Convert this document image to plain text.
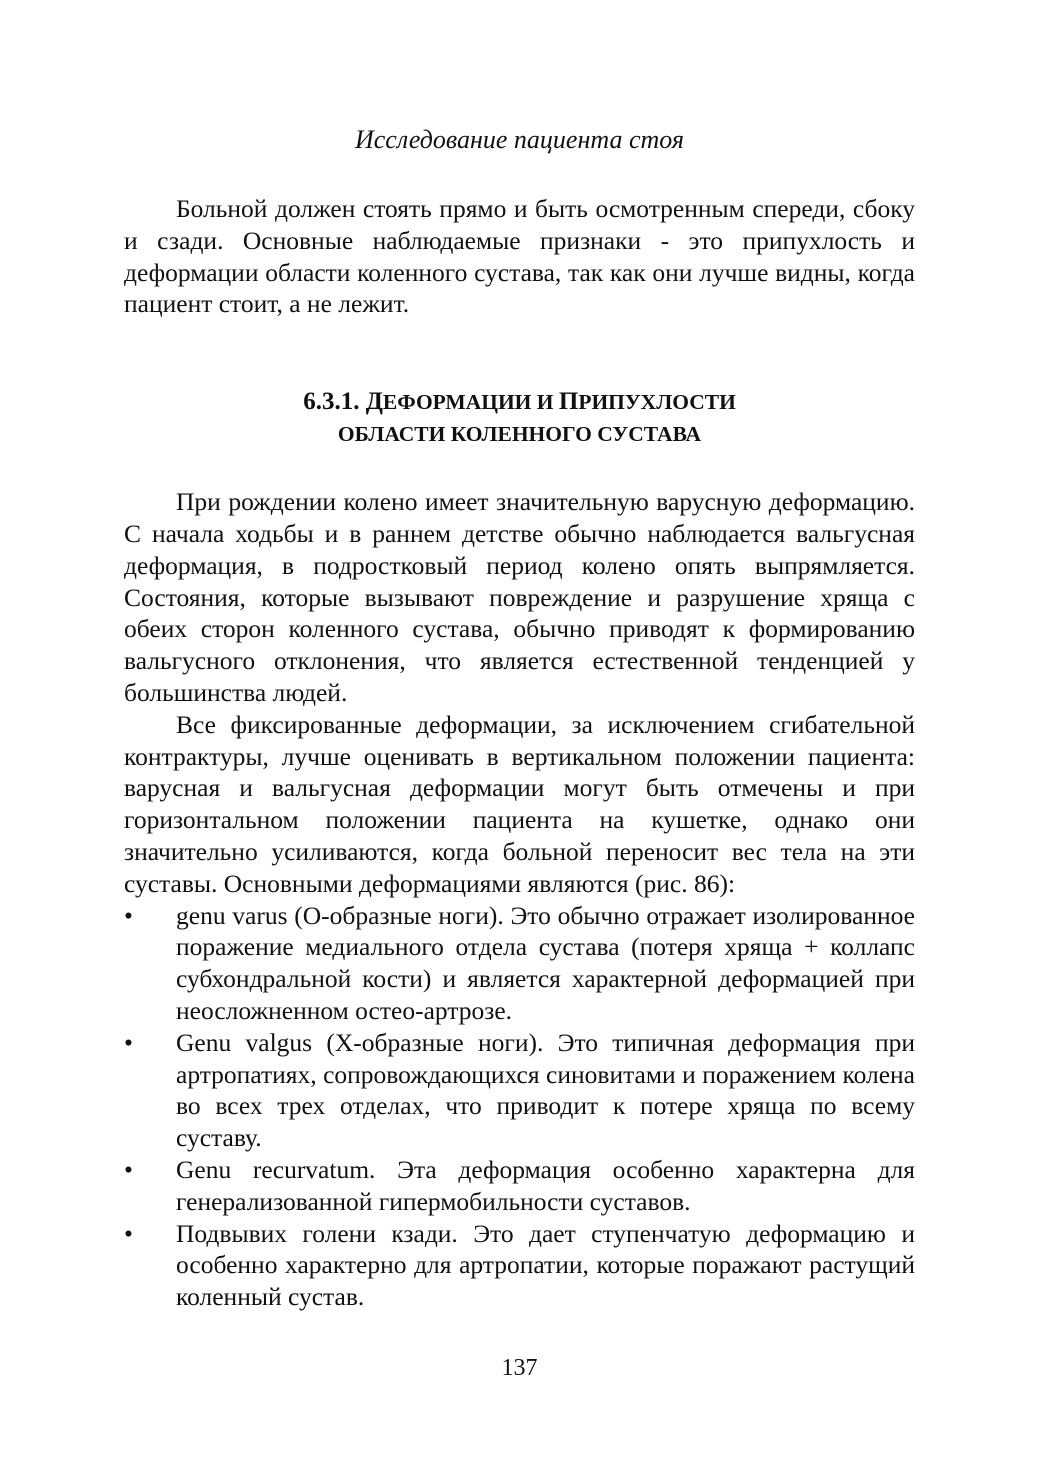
Исследование пациента стоя

Больной должен стоять прямо и быть осмотренным спереди, сбоку и сзади. Основные наблюдаемые признаки - это припухлость и деформации области коленного сустава, так как они лучше видны, когда пациент стоит, а не лежит.

6.3.1. ДЕФОРМАЦИИ И ПРИПУХЛОСТИ
ОБЛАСТИ КОЛЕННОГО СУСТАВА

При рождении колено имеет значительную варусную деформацию. С начала ходьбы и в раннем детстве обычно наблюдается вальгусная деформация, в подростковый период колено опять выпрямляется. Состояния, которые вызывают повреждение и разрушение хряща с обеих сторон коленного сустава, обычно приводят к формированию вальгусного отклонения, что является естественной тенденцией у большинства людей.

Все фиксированные деформации, за исключением сгибательной контрактуры, лучше оценивать в вертикальном положении пациента: варусная и вальгусная деформации могут быть отмечены и при горизонтальном положении пациента на кушетке, однако они значительно усиливаются, когда больной переносит вес тела на эти суставы. Основными деформациями являются (рис. 86):

• genu varus (О-образные ноги). Это обычно отражает изолированное поражение медиального отдела сустава (потеря хряща + коллапс субхондральной кости) и является характерной деформацией при неосложненном остео-артрозе.
• Genu valgus (Х-образные ноги). Это типичная деформация при артропатиях, сопровождающихся синовитами и поражением колена во всех трех отделах, что приводит к потере хряща по всему суставу.
• Genu recurvatum. Эта деформация особенно характерна для генерализованной гипермобильности суставов.
• Подвывих голени кзади. Это дает ступенчатую деформацию и особенно характерно для артропатии, которые поражают растущий коленный сустав.
137
